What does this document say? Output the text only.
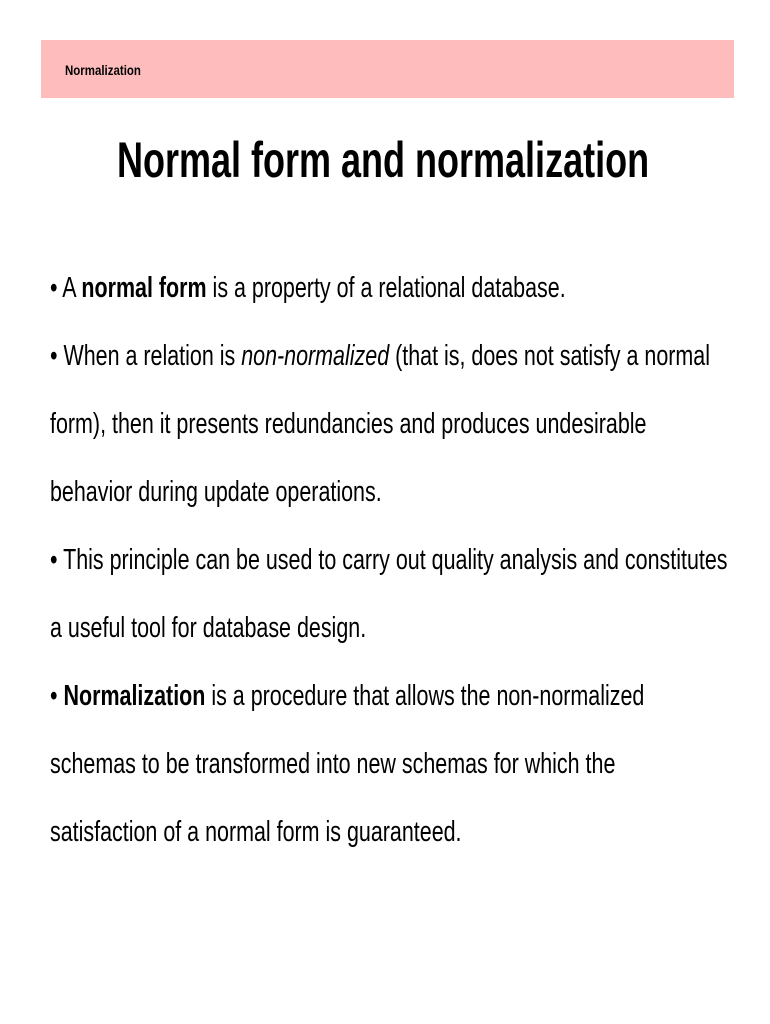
Normalization
Normal form and normalization
• A normal form is a property of a relational database.
• When a relation is non-normalized (that is, does not satisfy a normal
form), then it presents redundancies and produces undesirable
behavior during update operations.
• This principle can be used to carry out quality analysis and constitutes
a useful tool for database design.
• Normalization is a procedure that allows the non-normalized
schemas to be transformed into new schemas for which the
satisfaction of a normal form is guaranteed.
